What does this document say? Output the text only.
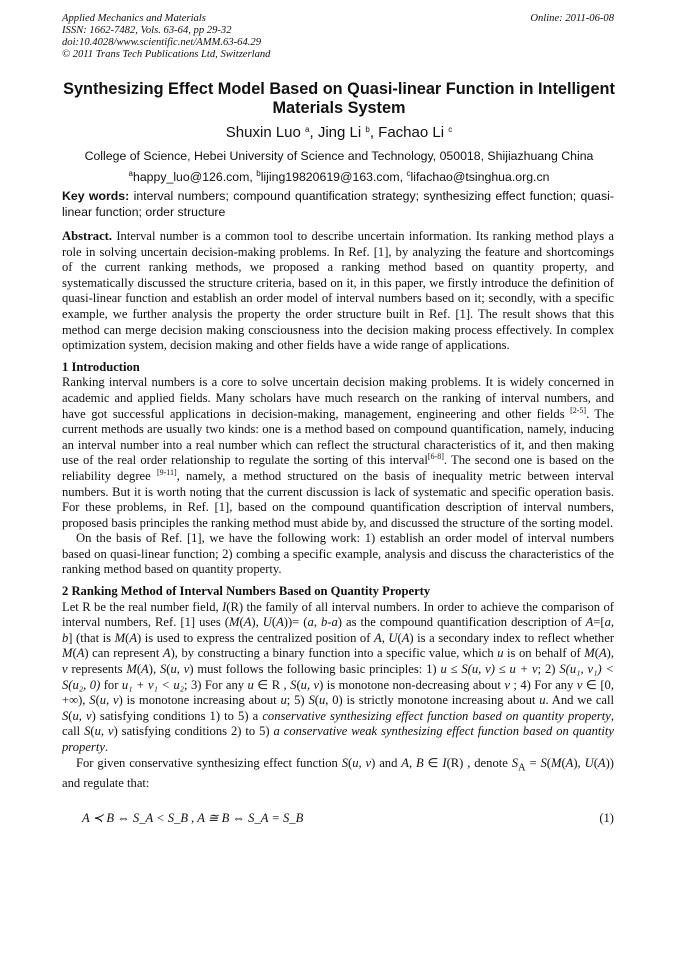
Applied Mechanics and Materials
ISSN: 1662-7482, Vols. 63-64, pp 29-32
doi:10.4028/www.scientific.net/AMM.63-64.29
© 2011 Trans Tech Publications Ltd, Switzerland
Online: 2011-06-08
Synthesizing Effect Model Based on Quasi-linear Function in Intelligent Materials System
Shuxin Luo $^a$, Jing Li $^b$, Fachao Li $^c$
College of Science, Hebei University of Science and Technology, 050018, Shijiazhuang China
$^a$happy_luo@126.com, $^b$lijing19820619@163.com, $^c$lifachao@tsinghua.org.cn
Key words: interval numbers; compound quantification strategy; synthesizing effect function; quasi-linear function; order structure

Abstract. Interval number is a common tool to describe uncertain information. Its ranking method plays a role in solving uncertain decision-making problems. In Ref. [1], by analyzing the feature and shortcomings of the current ranking methods, we proposed a ranking method based on quantity property, and systematically discussed the structure criteria, based on it, in this paper, we firstly introduce the definition of quasi-linear function and establish an order model of interval numbers based on it; secondly, with a specific example, we further analysis the property the order structure built in Ref. [1]. The result shows that this method can merge decision making consciousness into the decision making process effectively. In complex optimization system, decision making and other fields have a wide range of applications.

1 Introduction

Ranking interval numbers is a core to solve uncertain decision making problems. It is widely concerned in academic and applied fields. Many scholars have much research on the ranking of interval numbers, and have got successful applications in decision-making, management, engineering and other fields [2-5]. The current methods are usually two kinds: one is a method based on compound quantification, namely, inducing an interval number into a real number which can reflect the structural characteristics of it, and then making use of the real order relationship to regulate the sorting of this interval[6-8]. The second one is based on the reliability degree [9-11], namely, a method structured on the basis of inequality metric between interval numbers. But it is worth noting that the current discussion is lack of systematic and specific operation basis. For these problems, in Ref. [1], based on the compound quantification description of interval numbers, proposed basis principles the ranking method must abide by, and discussed the structure of the sorting model.

On the basis of Ref. [1], we have the following work: 1) establish an order model of interval numbers based on quasi-linear function; 2) combing a specific example, analysis and discuss the characteristics of the ranking method based on quantity property.

2 Ranking Method of Interval Numbers Based on Quantity Property

Let R be the real number field, I(R) the family of all interval numbers. In order to achieve the comparison of interval numbers, Ref. [1] uses (M(A), U(A))= (a, b-a) as the compound quantification description of A=[a, b] (that is M(A) is used to express the centralized position of A, U(A) is a secondary index to reflect whether M(A) can represent A), by constructing a binary function into a specific value, which u is on behalf of M(A), v represents M(A), S(u, v) must follows the following basic principles: 1) u ≤ S(u, v) ≤ u + v; 2) S(u₁, v₁) < S(u₂, 0) for u₁ + v₁ < u₂; 3) For any u ∈ R , S(u, v) is monotone non-decreasing about v ; 4) For any v ∈ [0, +∞), S(u, v) is monotone increasing about u; 5) S(u, 0) is strictly monotone increasing about u. And we call S(u, v) satisfying conditions 1) to 5) a conservative synthesizing effect function based on quantity property, call S(u, v) satisfying conditions 2) to 5) a conservative weak synthesizing effect function based on quantity property.

For given conservative synthesizing effect function S(u, v) and A, B ∈ I(R) , denote $S_A = S(M(A)$, U(A)) and regulate that:

A ≺ B ⇔ S_A < S_B , A ≅ B ⇔ S_A = S_B	(1)
